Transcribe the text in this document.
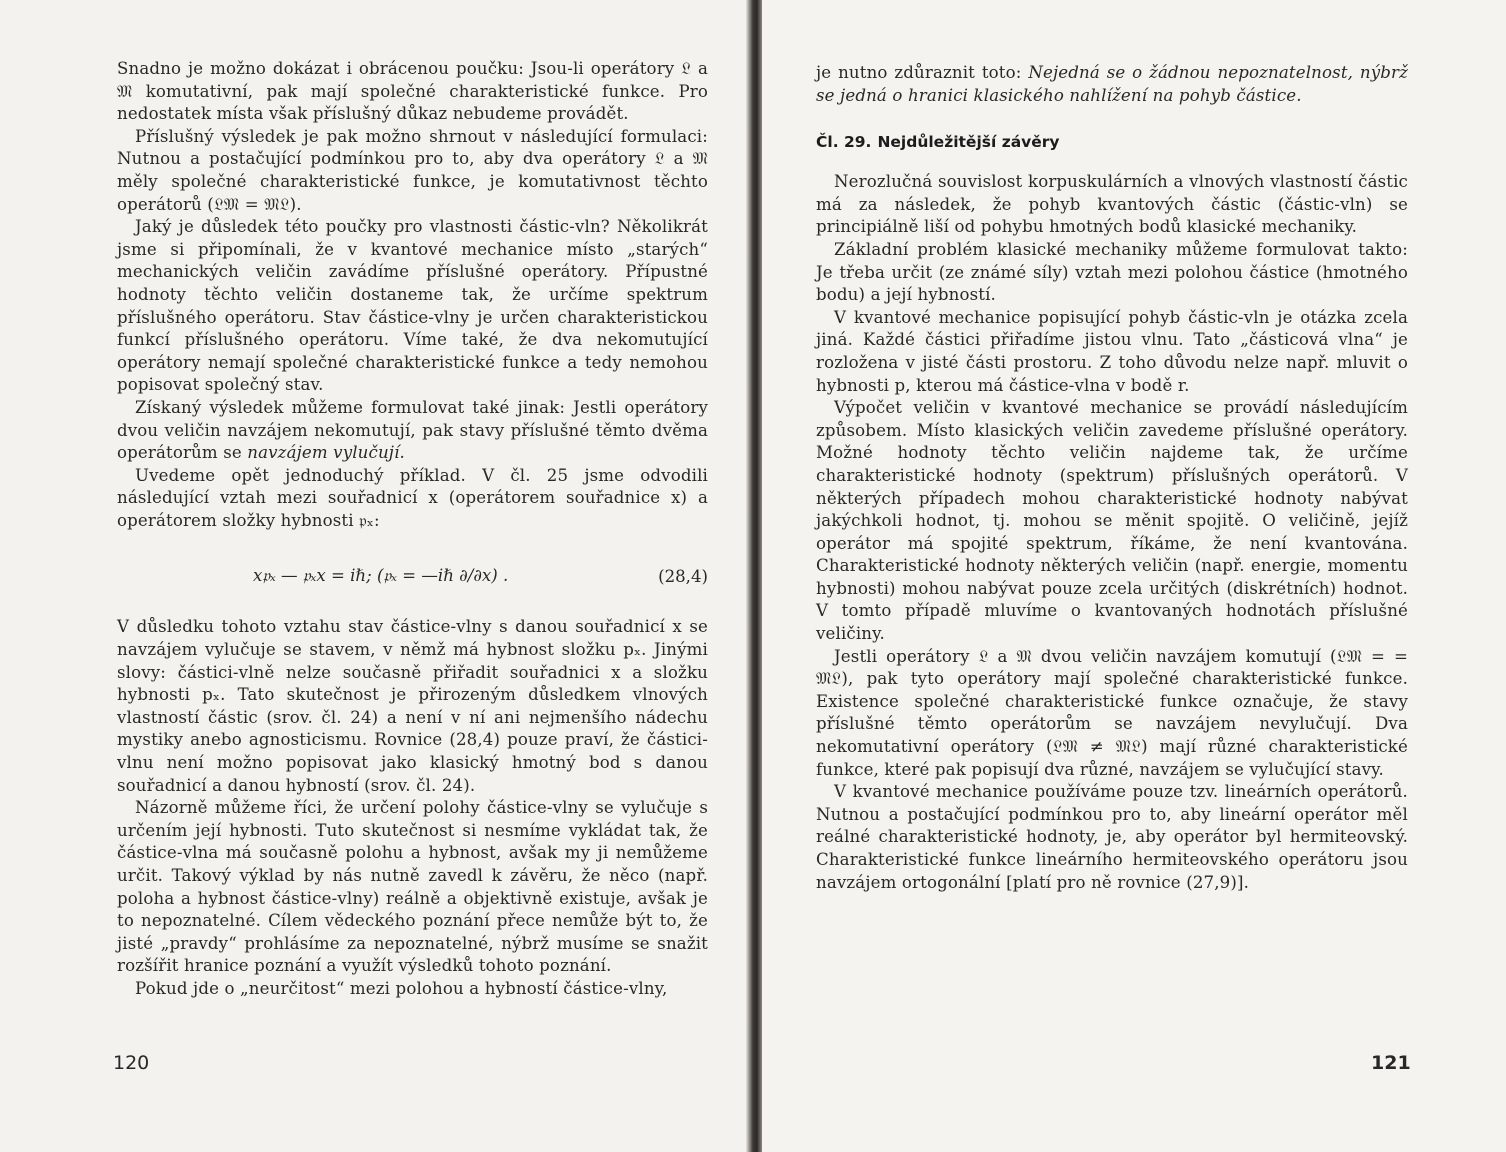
Snadno je možno dokázat i obrácenou poučku: Jsou-li operátory 𝔏 a 𝔐 komutativní, pak mají společné charakteristické funkce. Pro nedostatek místa však příslušný důkaz nebudeme provádět.

Příslušný výsledek je pak možno shrnout v následující formulaci: Nutnou a postačující podmínkou pro to, aby dva operátory 𝔏 a 𝔐 měly společné charakteristické funkce, je komutativnost těchto operátorů (𝔏𝔐 = 𝔐𝔏).

Jaký je důsledek této poučky pro vlastnosti částic-vln? Několikrát jsme si připomínali, že v kvantové mechanice místo „starých“ mechanických veličin zavádíme příslušné operátory. Přípustné hodnoty těchto veličin dostaneme tak, že určíme spektrum příslušného operátoru. Stav částice-vlny je určen charakteristickou funkcí příslušného operátoru. Víme také, že dva nekomutující operátory nemají společné charakteristické funkce a tedy nemohou popisovat společný stav.

Získaný výsledek můžeme formulovat také jinak: Jestli operátory dvou veličin navzájem nekomutují, pak stavy příslušné těmto dvěma operátorům se navzájem vylučují.

Uvedeme opět jednoduchý příklad. V čl. 25 jsme odvodili následující vztah mezi souřadnicí x (operátorem souřadnice x) a operátorem složky hybnosti 𝔭ₓ:

x𝔭ₓ — 𝔭ₓx = iℏ; (𝔭ₓ = —iℏ ∂/∂x) .	(28,4)

V důsledku tohoto vztahu stav částice-vlny s danou souřadnicí x se navzájem vylučuje se stavem, v němž má hybnost složku pₓ. Jinými slovy: částici-vlně nelze současně přiřadit souřadnici x a složku hybnosti pₓ. Tato skutečnost je přirozeným důsledkem vlnových vlastností částic (srov. čl. 24) a není v ní ani nejmenšího nádechu mystiky anebo agnosticismu. Rovnice (28,4) pouze praví, že částici-vlnu není možno popisovat jako klasický hmotný bod s danou souřadnicí a danou hybností (srov. čl. 24).

Názorně můžeme říci, že určení polohy částice-vlny se vylučuje s určením její hybnosti. Tuto skutečnost si nesmíme vykládat tak, že částice-vlna má současně polohu a hybnost, avšak my ji nemůžeme určit. Takový výklad by nás nutně zavedl k závěru, že něco (např. poloha a hybnost částice-vlny) reálně a objektivně existuje, avšak je to nepoznatelné. Cílem vědeckého poznání přece nemůže být to, že jisté „pravdy“ prohlásíme za nepoznatelné, nýbrž musíme se snažit rozšířit hranice poznání a využít výsledků tohoto poznání.

Pokud jde o „neurčitost“ mezi polohou a hybností částice-vlny,

120

je nutno zdůraznit toto: Nejedná se o žádnou nepoznatelnost, nýbrž se jedná o hranici klasického nahlížení na pohyb částice.

Čl. 29. Nejdůležitější závěry

Nerozlučná souvislost korpuskulárních a vlnových vlastností částic má za následek, že pohyb kvantových částic (částic-vln) se principiálně liší od pohybu hmotných bodů klasické mechaniky.

Základní problém klasické mechaniky můžeme formulovat takto: Je třeba určit (ze známé síly) vztah mezi polohou částice (hmotného bodu) a její hybností.

V kvantové mechanice popisující pohyb částic-vln je otázka zcela jiná. Každé částici přiřadíme jistou vlnu. Tato „částicová vlna“ je rozložena v jisté části prostoru. Z toho důvodu nelze např. mluvit o hybnosti p, kterou má částice-vlna v bodě r.

Výpočet veličin v kvantové mechanice se provádí následujícím způsobem. Místo klasických veličin zavedeme příslušné operátory. Možné hodnoty těchto veličin najdeme tak, že určíme charakteristické hodnoty (spektrum) příslušných operátorů. V některých případech mohou charakteristické hodnoty nabývat jakýchkoli hodnot, tj. mohou se měnit spojitě. O veličině, jejíž operátor má spojité spektrum, říkáme, že není kvantována. Charakteristické hodnoty některých veličin (např. energie, momentu hybnosti) mohou nabývat pouze zcela určitých (diskrétních) hodnot. V tomto případě mluvíme o kvantovaných hodnotách příslušné veličiny.

Jestli operátory 𝔏 a 𝔐 dvou veličin navzájem komutují (𝔏𝔐 = = 𝔐𝔏), pak tyto operátory mají společné charakteristické funkce. Existence společné charakteristické funkce označuje, že stavy příslušné těmto operátorům se navzájem nevylučují. Dva nekomutativní operátory (𝔏𝔐 ≠ 𝔐𝔏) mají různé charakteristické funkce, které pak popisují dva různé, navzájem se vylučující stavy.

V kvantové mechanice používáme pouze tzv. lineárních operátorů. Nutnou a postačující podmínkou pro to, aby lineární operátor měl reálné charakteristické hodnoty, je, aby operátor byl hermiteovský. Charakteristické funkce lineárního hermiteovského operátoru jsou navzájem ortogonální [platí pro ně rovnice (27,9)].

121
